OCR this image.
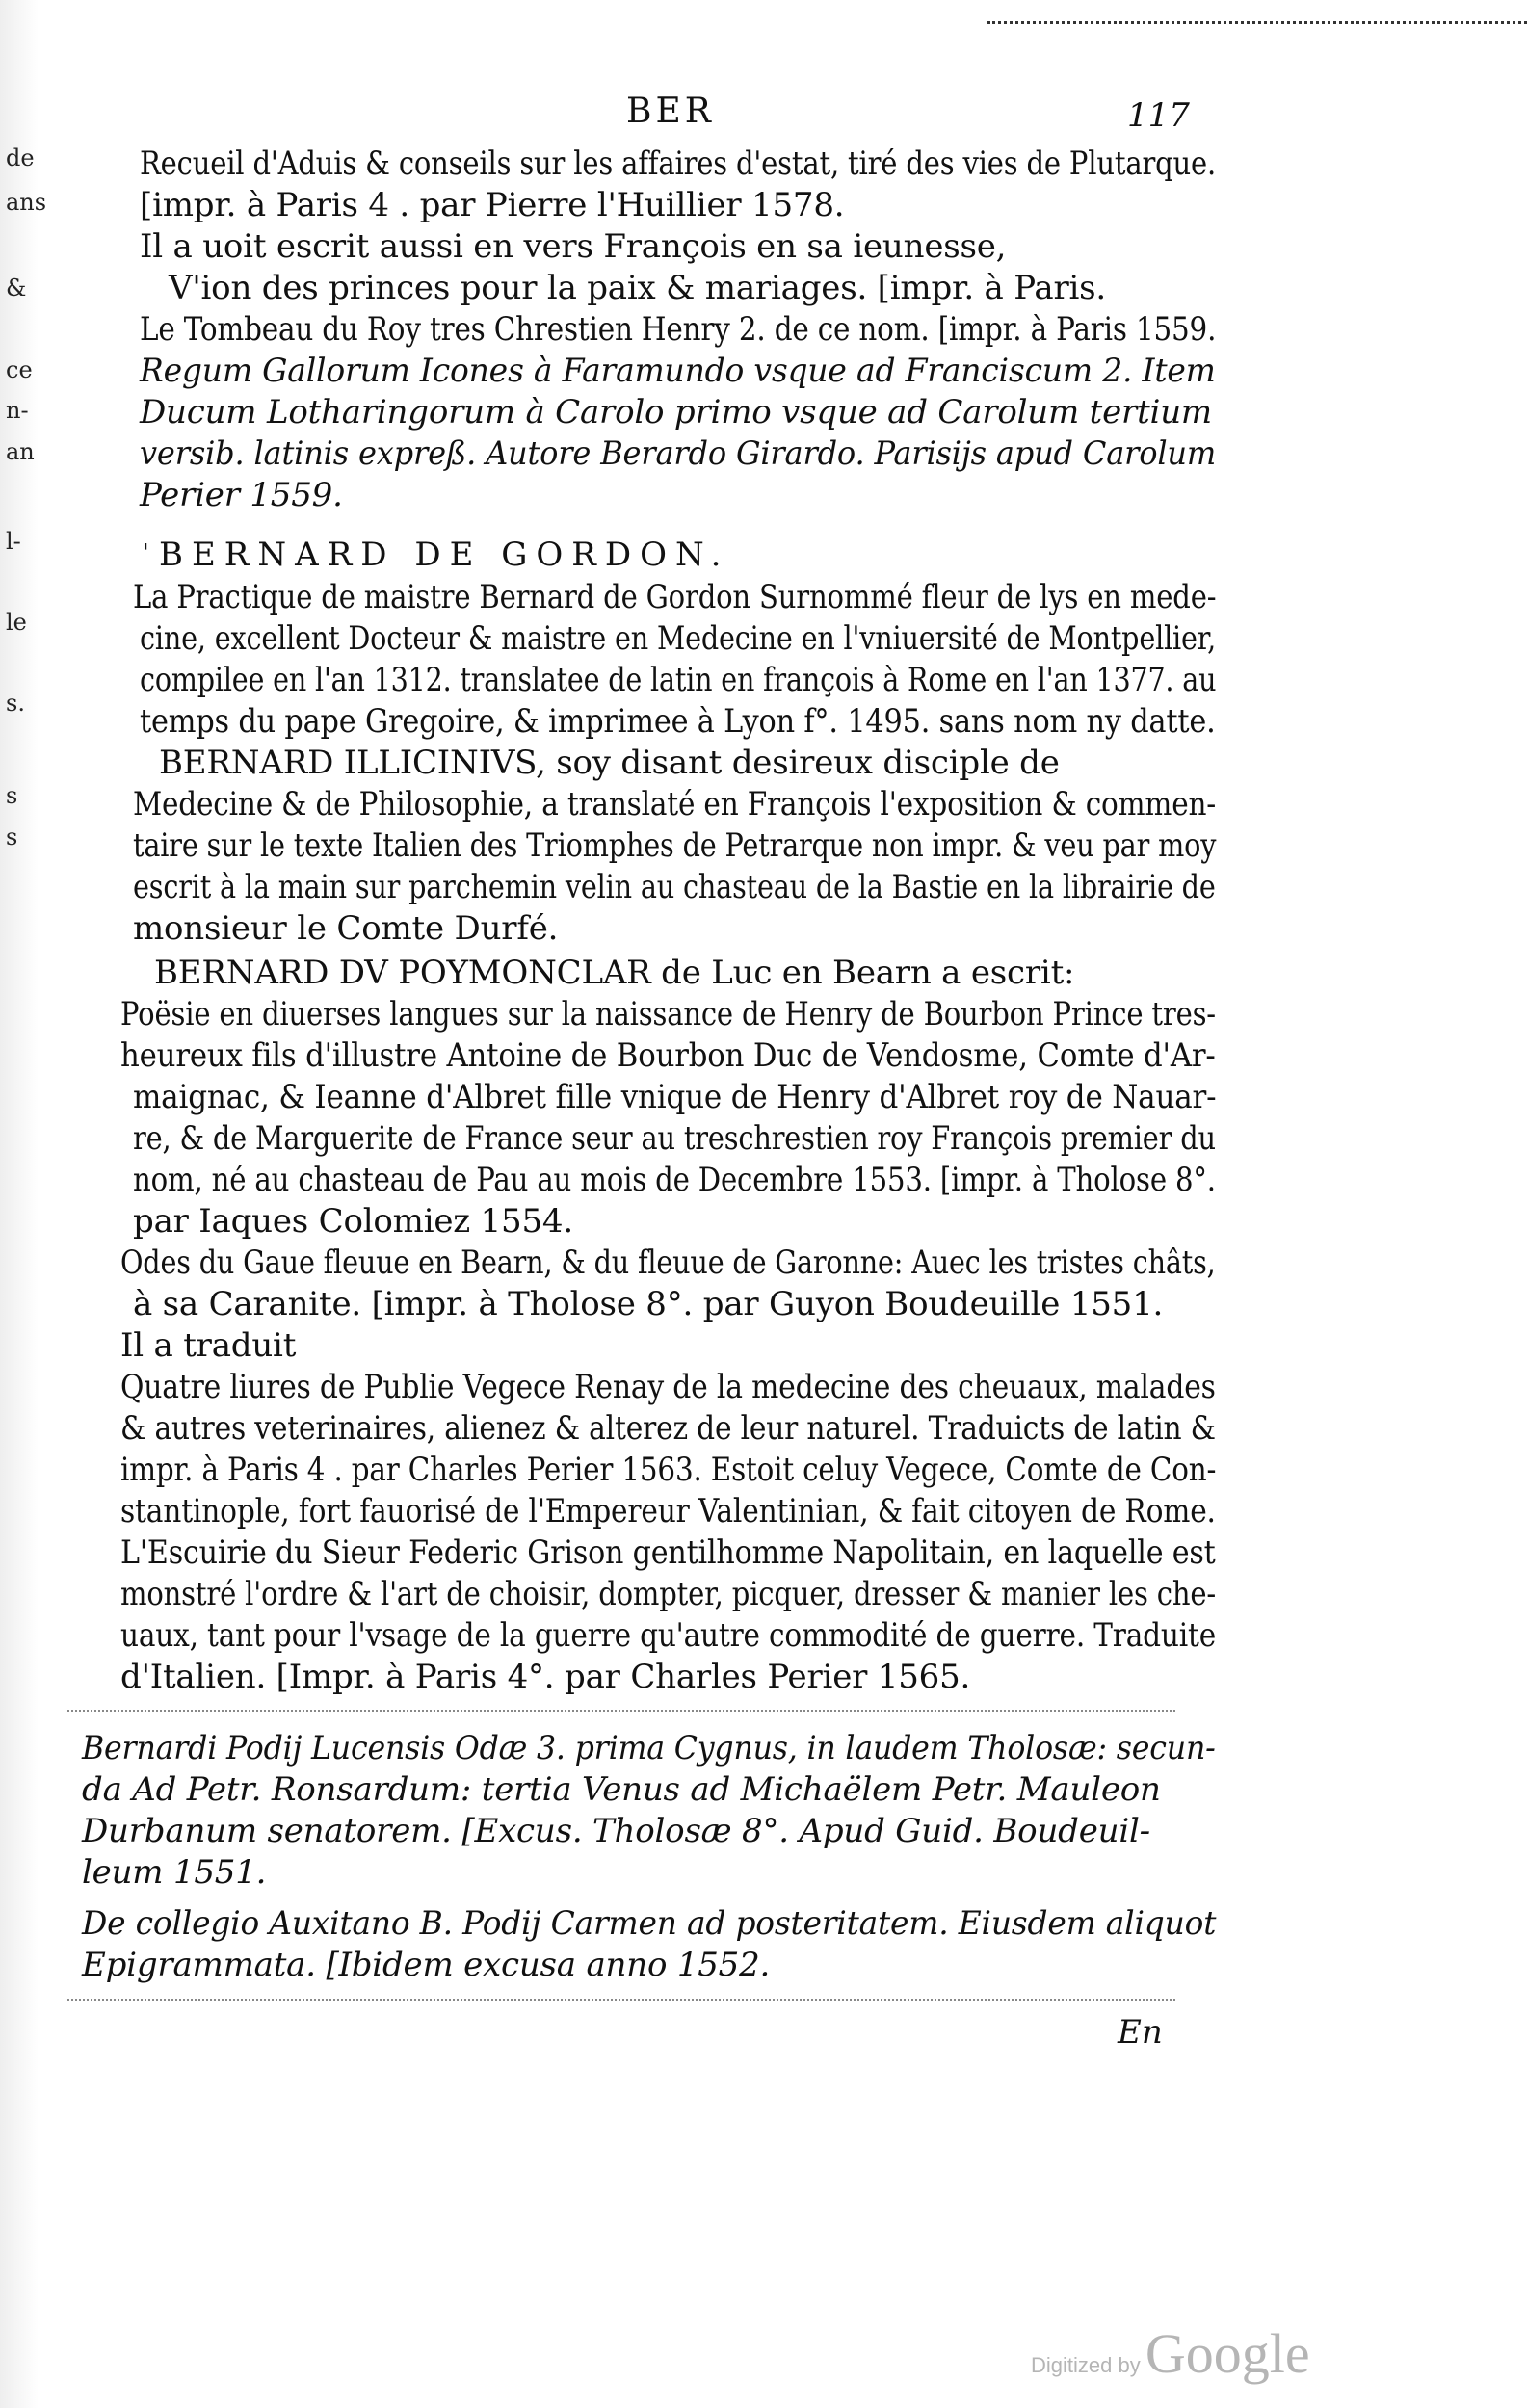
de
ans
&
ce
n-
an
l-
le
s.
s
s
BER	117
Recueil d'Aduis & conseils sur les affaires d'estat, tiré des vies de Plutarque.
[impr. à Paris 4 . par Pierre l'Huillier 1578.
Il a uoit escrit aussi en vers François en sa ieunesse,
V'ion des princes pour la paix & mariages. [impr. à Paris.
Le Tombeau du Roy tres Chrestien Henry 2. de ce nom. [impr. à Paris 1559.
Regum Gallorum Icones à Faramundo vsque ad Franciscum 2. Item
Ducum Lotharingorum à Carolo primo vsque ad Carolum tertium
versib. latinis expreß. Autore Berardo Girardo. Parisijs apud Carolum
Perier 1559.
' BERNARD DE GORDON.
La Practique de maistre Bernard de Gordon Surnommé fleur de lys en mede-
cine, excellent Docteur & maistre en Medecine en l'vniuersité de Montpellier,
compilee en l'an 1312. translatee de latin en françois à Rome en l'an 1377. au
temps du pape Gregoire, & imprimee à Lyon f°. 1495. sans nom ny datte.
BERNARD ILLICINIVS, soy disant desireux disciple de
Medecine & de Philosophie, a translaté en François l'exposition & commen-
taire sur le texte Italien des Triomphes de Petrarque non impr. & veu par moy
escrit à la main sur parchemin velin au chasteau de la Bastie en la librairie de
monsieur le Comte Durfé.
BERNARD DV POYMONCLAR de Luc en Bearn a escrit:
Poësie en diuerses langues sur la naissance de Henry de Bourbon Prince tres-
heureux fils d'illustre Antoine de Bourbon Duc de Vendosme, Comte d'Ar-
maignac, & Ieanne d'Albret fille vnique de Henry d'Albret roy de Nauar-
re, & de Marguerite de France seur au treschrestien roy François premier du
nom, né au chasteau de Pau au mois de Decembre 1553. [impr. à Tholose 8°.
par Iaques Colomiez 1554.
Odes du Gaue fleuue en Bearn, & du fleuue de Garonne: Auec les tristes châts,
à sa Caranite. [impr. à Tholose 8°. par Guyon Boudeuille 1551.
Il a traduit
Quatre liures de Publie Vegece Renay de la medecine des cheuaux, malades
& autres veterinaires, alienez & alterez de leur naturel. Traduicts de latin &
impr. à Paris 4 . par Charles Perier 1563. Estoit celuy Vegece, Comte de Con-
stantinople, fort fauorisé de l'Empereur Valentinian, & fait citoyen de Rome.
L'Escuirie du Sieur Federic Grison gentilhomme Napolitain, en laquelle est
monstré l'ordre & l'art de choisir, dompter, picquer, dresser & manier les che-
uaux, tant pour l'vsage de la guerre qu'autre commodité de guerre. Traduite
d'Italien. [Impr. à Paris 4°. par Charles Perier 1565.
Bernardi Podij Lucensis Odæ 3. prima Cygnus, in laudem Tholosæ: secun-
da Ad Petr. Ronsardum: tertia Venus ad Michaëlem Petr. Mauleon
Durbanum senatorem. [Excus. Tholosæ 8°. Apud Guid. Boudeuil-
leum 1551.
De collegio Auxitano B. Podij Carmen ad posteritatem. Eiusdem aliquot
Epigrammata. [Ibidem excusa anno 1552.
En
Digitized by Google
